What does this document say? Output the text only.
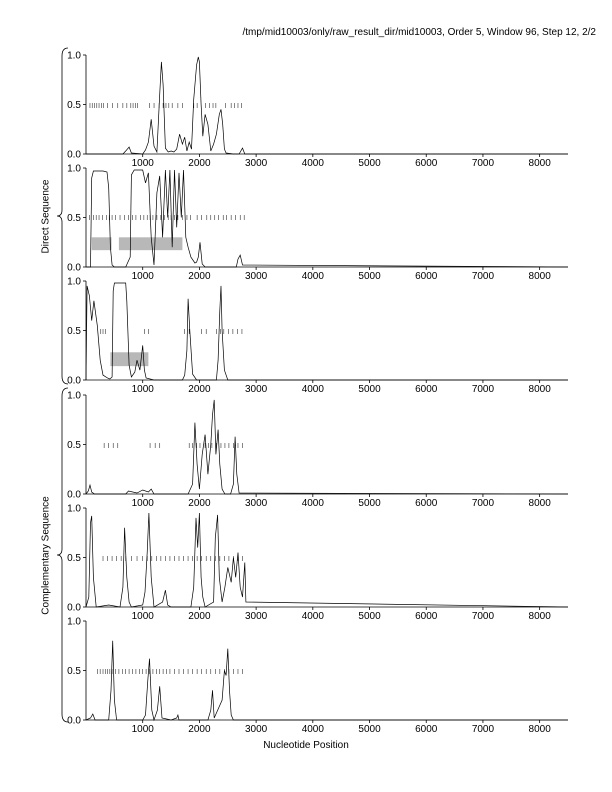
/tmp/mid10003/only/raw_result_dir/mid10003, Order 5, Window 96, Step 12, 2/2
0.0
0.5
1.0
1000	2000	3000	4000	5000	6000	7000	8000
0.0
0.5
1.0
1000	2000	3000	4000	5000	6000	7000	8000
0.0
0.5
1.0
1000	2000	3000	4000	5000	6000	7000	8000
0.0
0.5
1.0
1000	2000	3000	4000	5000	6000	7000	8000
0.0
0.5
1.0
1000	2000	3000	4000	5000	6000	7000	8000
0.0
0.5
1.0
1000	2000	3000	4000	5000	6000	7000	8000
Direct Sequence
Complementary Sequence
Nucleotide Position
